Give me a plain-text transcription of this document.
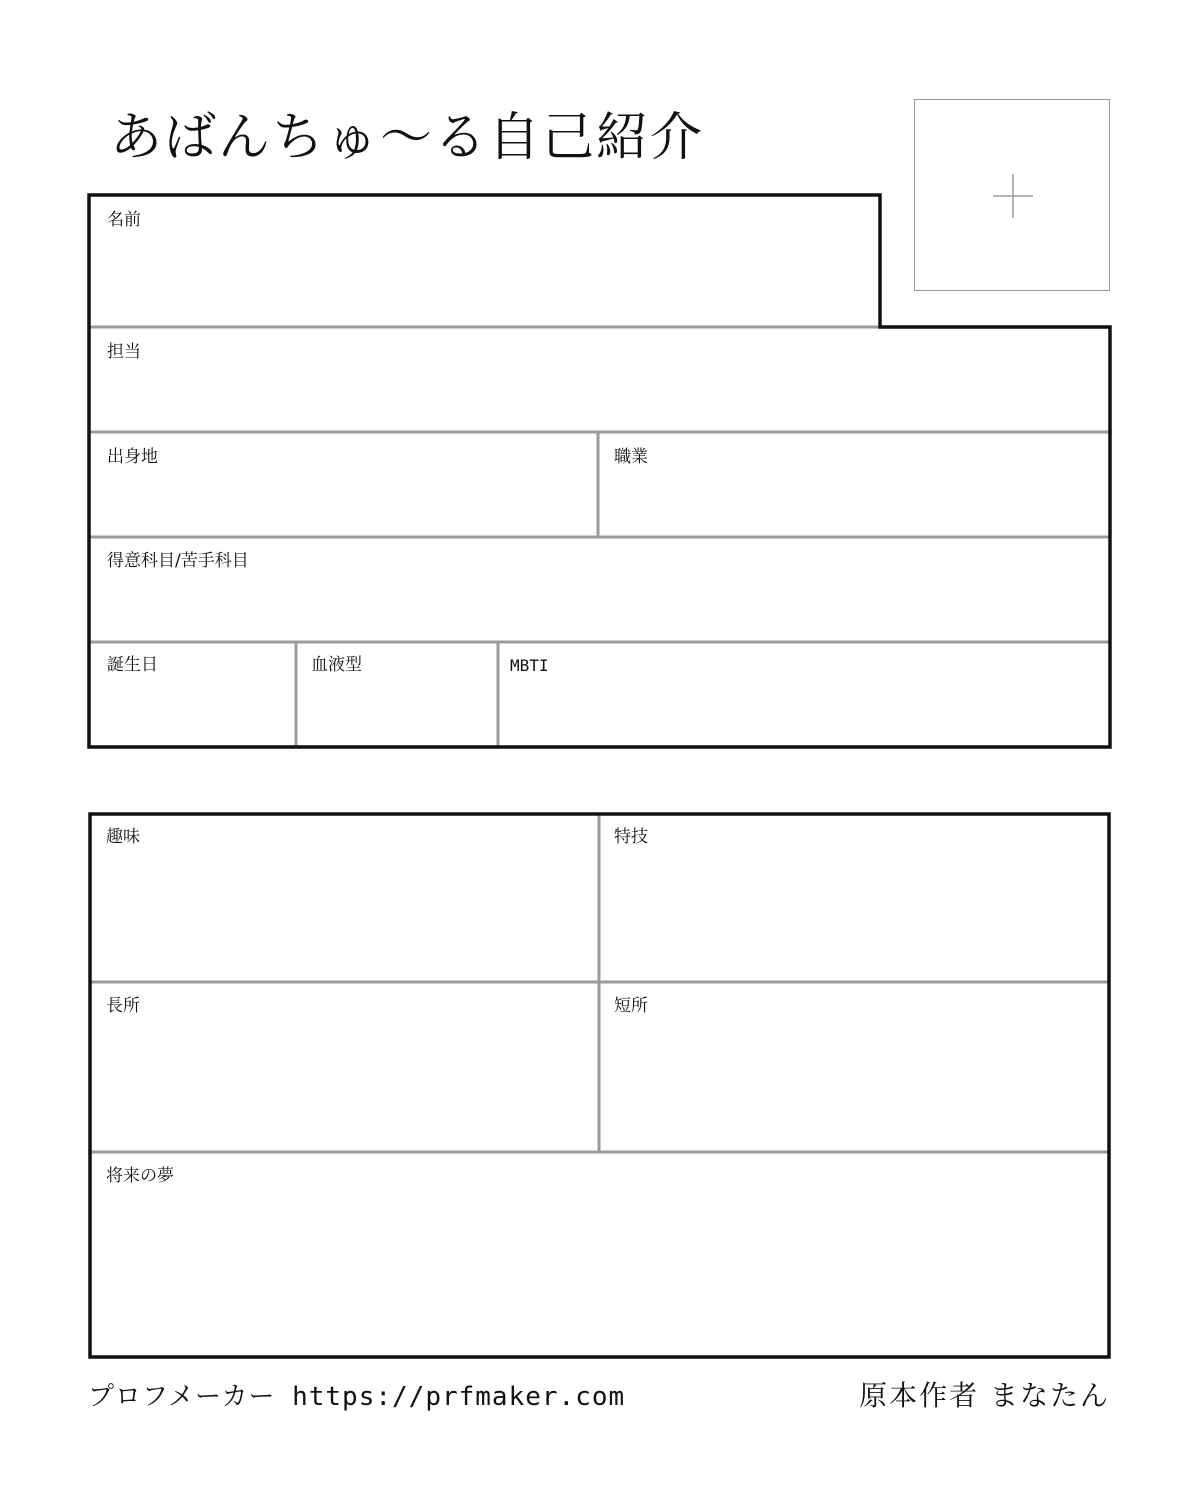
あばんちゅ～る自己紹介
名前
担当
出身地	職業
得意科目/苦手科目
誕生日	血液型	MBTI
趣味	特技
長所	短所
将来の夢
プロフメーカー https://prfmaker.com	原本作者 まなたん
